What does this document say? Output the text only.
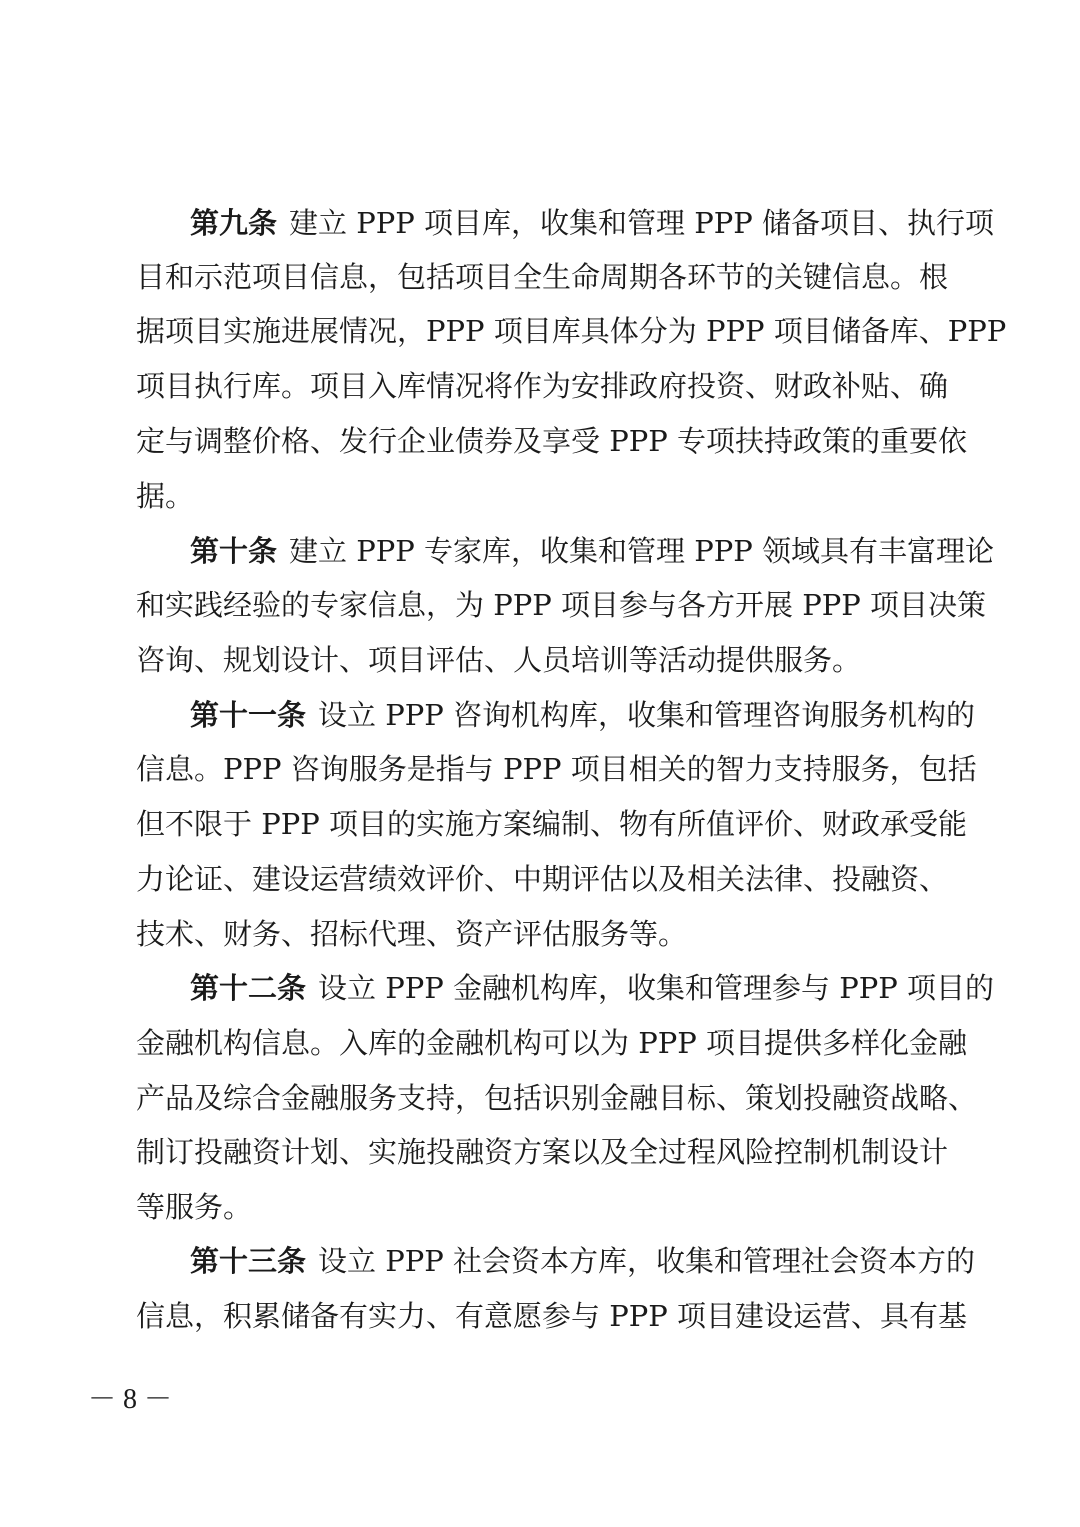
第九条 建立 PPP 项目库，收集和管理 PPP 储备项目、执行项
目和示范项目信息，包括项目全生命周期各环节的关键信息。根
据项目实施进展情况，PPP 项目库具体分为 PPP 项目储备库、PPP
项目执行库。项目入库情况将作为安排政府投资、财政补贴、确
定与调整价格、发行企业债券及享受 PPP 专项扶持政策的重要依
据。
第十条 建立 PPP 专家库，收集和管理 PPP 领域具有丰富理论
和实践经验的专家信息，为 PPP 项目参与各方开展 PPP 项目决策
咨询、规划设计、项目评估、人员培训等活动提供服务。
第十一条 设立 PPP 咨询机构库，收集和管理咨询服务机构的
信息。PPP 咨询服务是指与 PPP 项目相关的智力支持服务，包括
但不限于 PPP 项目的实施方案编制、物有所值评价、财政承受能
力论证、建设运营绩效评价、中期评估以及相关法律、投融资、
技术、财务、招标代理、资产评估服务等。
第十二条 设立 PPP 金融机构库，收集和管理参与 PPP 项目的
金融机构信息。入库的金融机构可以为 PPP 项目提供多样化金融
产品及综合金融服务支持，包括识别金融目标、策划投融资战略、
制订投融资计划、实施投融资方案以及全过程风险控制机制设计
等服务。
第十三条 设立 PPP 社会资本方库，收集和管理社会资本方的
信息，积累储备有实力、有意愿参与 PPP 项目建设运营、具有基
－ 8 －
